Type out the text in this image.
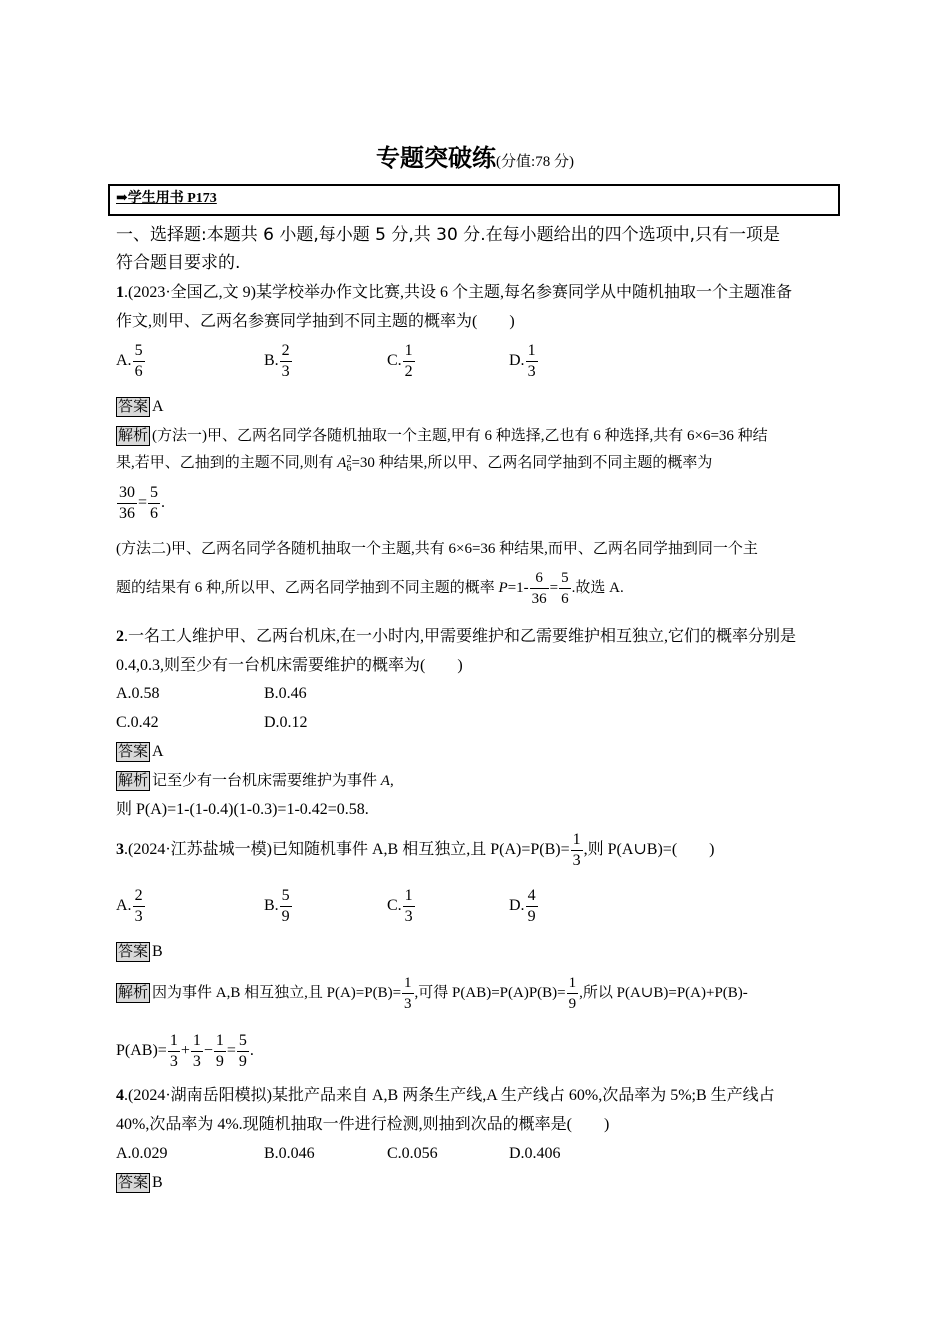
专题突破练(分值:78 分)
➡学生用书 P173
一、选择题:本题共 6 小题,每小题 5 分,共 30 分.在每小题给出的四个选项中,只有一项是
符合题目要求的.
1.(2023·全国乙,文 9)某学校举办作文比赛,共设 6 个主题,每名参赛同学从中随机抽取一个主题准备
作文,则甲、乙两名参赛同学抽到不同主题的概率为(　　)
A. $\frac{5}{6}$	B. $\frac{2}{3}$	C. $\frac{1}{2}$	D. $\frac{1}{3}$
答案 A
解析 (方法一)甲、乙两名同学各随机抽取一个主题,甲有 6 种选择,乙也有 6 种选择,共有 6×6=36 种结
果,若甲、乙抽到的主题不同,则有 A 2
6 =30 种结果,所以甲、乙两名同学抽到不同主题的概率为
$\frac{30}{36} = \frac{5}{6}$ .
(方法二)甲、乙两名同学各随机抽取一个主题,共有 6×6=36 种结果,而甲、乙两名同学抽到同一个主
题的结果有 6 种,所以甲、乙两名同学抽到不同主题的概率 $P=1- \frac{6}{36} = \frac{5}{6}$ .故选 A.
2.一名工人维护甲、乙两台机床,在一小时内,甲需要维护和乙需要维护相互独立,它们的概率分别是
0.4,0.3,则至少有一台机床需要维护的概率为(　　)
A.0.58	B.0.46
C.0.42	D.0.12
答案 A
解析 记至少有一台机床需要维护为事件 A,
则 P(A)=1-(1-0.4)(1-0.3)=1-0.42=0.58.
3.(2024·江苏盐城一模)已知随机事件 A,B 相互独立,且 $P(A)=P(B)= \frac{1}{3}$ ,则 P(A∪B)=(　　)
A. $\frac{2}{3}$	B. $\frac{5}{9}$	C. $\frac{1}{3}$	D. $\frac{4}{9}$
答案 B
解析 因为事件 A,B 相互独立,且 $P(A)=P(B)= \frac{1}{3}$ ,可得 $P(AB)=P(A)P(B)= \frac{1}{9}$ ,所以 P(A∪B)=P(A)+P(B)-
$P(AB)= \frac{1}{3} + \frac{1}{3} - \frac{1}{9} = \frac{5}{9}$ .
4.(2024·湖南岳阳模拟)某批产品来自 A,B 两条生产线,A 生产线占 60%,次品率为 5%;B 生产线占
40%,次品率为 4%.现随机抽取一件进行检测,则抽到次品的概率是(　　)
A.0.029	B.0.046	C.0.056	D.0.406
答案 B
